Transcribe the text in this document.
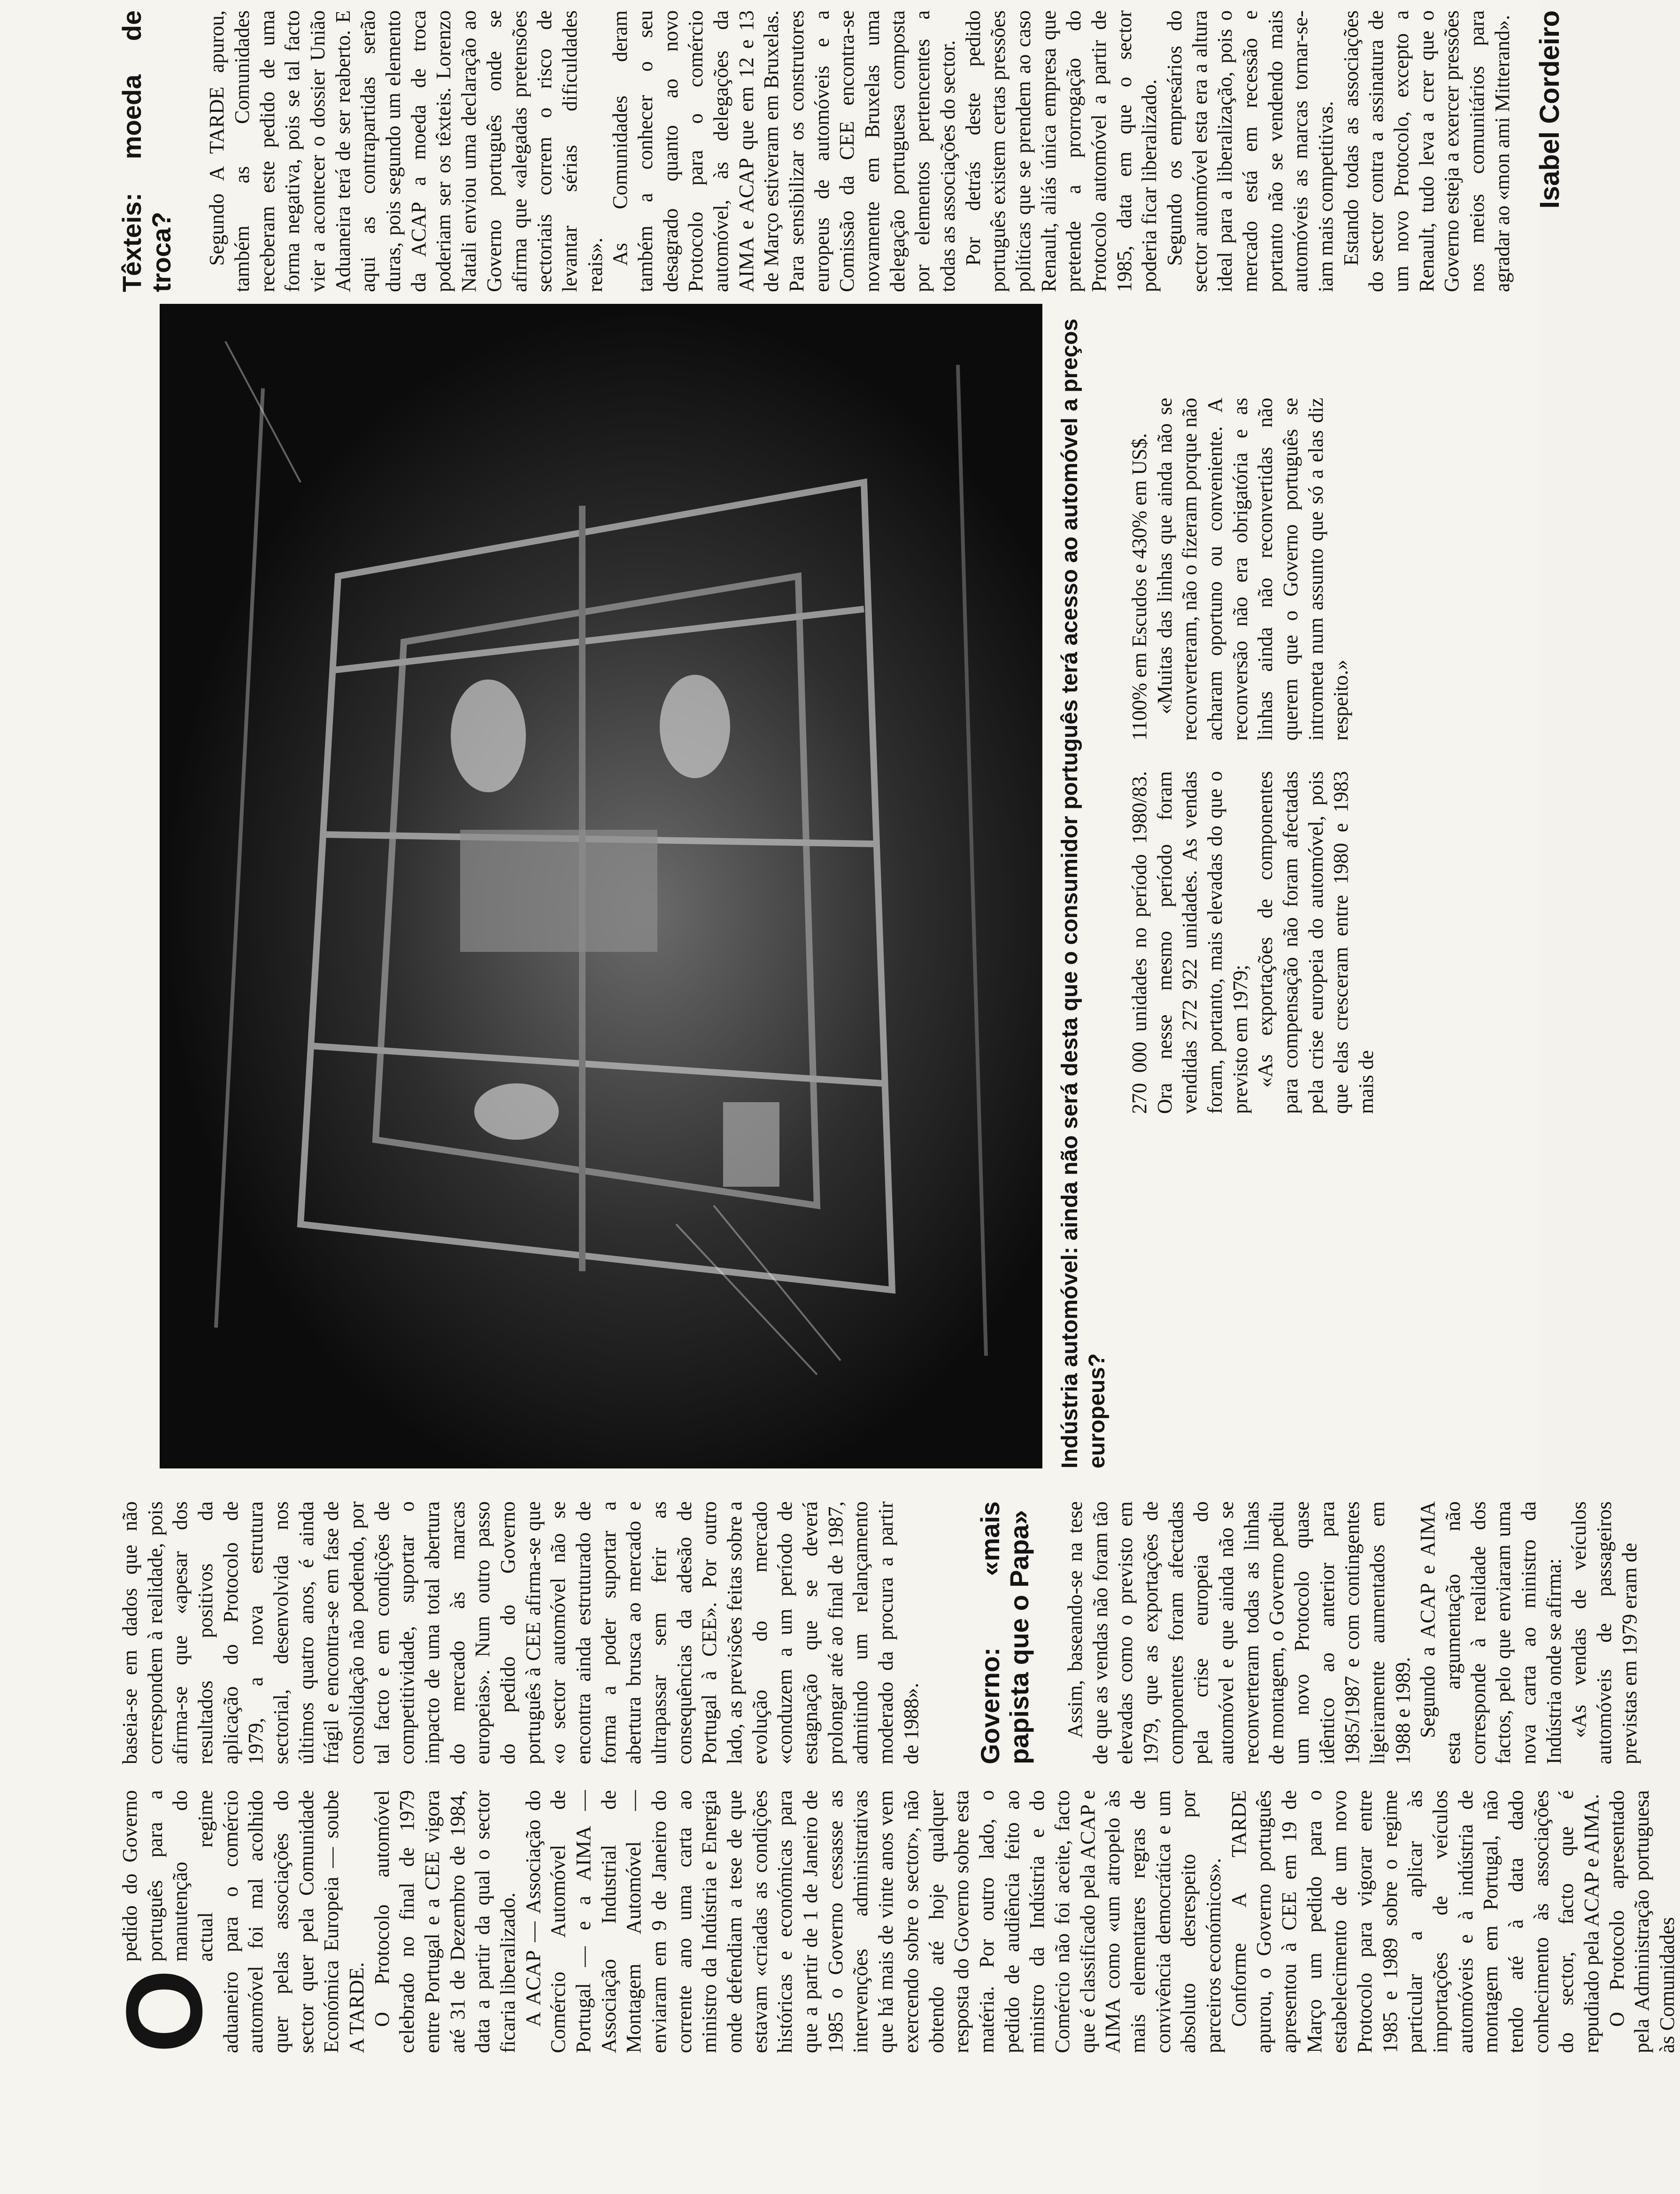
O

pedido do Governo português para a manutenção do actual regime aduaneiro para o comércio automóvel foi mal acolhido quer pelas associações do sector quer pela Comunidade Económica Europeia — soube A TARDE. O Protocolo automóvel celebrado no final de 1979 entre Portugal e a CEE vigora até 31 de Dezembro de 1984, data a partir da qual o sector ficaria liberalizado. A ACAP — Associação do Comércio Automóvel de Portugal — e a AIMA — Associação Industrial de Montagem Automóvel — enviaram em 9 de Janeiro do corrente ano uma carta ao ministro da Indústria e Energia onde defendiam a tese de que estavam «criadas as condições históricas e económicas para que a partir de 1 de Janeiro de 1985 o Governo cessasse as intervenções administrativas que há mais de vinte anos vem exercendo sobre o sector», não obtendo até hoje qualquer resposta do Governo sobre esta matéria. Por outro lado, o pedido de audiência feito ao ministro da Indústria e do Comércio não foi aceite, facto que é classificado pela ACAP e AIMA como «um atropelo às mais elementares regras de convivência democrática e um absoluto desrespeito por parceiros económicos». Conforme A TARDE apurou, o Governo português apresentou à CEE em 19 de Março um pedido para o estabelecimento de um novo Protocolo para vigorar entre 1985 e 1989 sobre o regime particular a aplicar às importações de veículos automóveis e à indústria de montagem em Portugal, não tendo até à data dado conhecimento às associações do sector, facto que é repudiado pela ACAP e AIMA. O Protocolo apresentado pela Administração portuguesa às Comunidades

baseia-se em dados que não correspondem à realidade, pois afirma-se que «apesar dos resultados positivos da aplicação do Protocolo de 1979, a nova estrutura sectorial, desenvolvida nos últimos quatro anos, é ainda frágil e encontra-se em fase de consolidação não podendo, por tal facto e em condições de competitividade, suportar o impacto de uma total abertura do mercado às marcas europeias». Num outro passo do pedido do Governo português à CEE afirma-se que «o sector automóvel não se encontra ainda estruturado de forma a poder suportar a abertura brusca ao mercado e ultrapassar sem ferir as consequências da adesão de Portugal à CEE». Por outro lado, as previsões feitas sobre a evolução do mercado «conduzem a um período de estagnação que se deverá prolongar até ao final de 1987, admitindo um relançamento moderado da procura a partir de 1988». Governo: «mais papista que o Papa» Assim, baseando-se na tese de que as vendas não foram tão elevadas como o previsto em 1979, que as exportações de componentes foram afectadas pela crise europeia do automóvel e que ainda não se reconverteram todas as linhas de montagem, o Governo pediu um novo Protocolo quase idêntico ao anterior para 1985/1987 e com contingentes ligeiramente aumentados em 1988 e 1989. Segundo a ACAP e AIMA esta argumentação não corresponde à realidade dos factos, pelo que enviaram uma nova carta ao ministro da Indústria onde se afirma: «As vendas de veículos automóveis de passageiros previstas em 1979 eram de

Indústria automóvel: ainda não será desta que o consumidor português terá acesso ao automóvel a preços europeus?

270 000 unidades no período 1980/83. Ora nesse mesmo período foram vendidas 272 922 unidades. As vendas foram, portanto, mais elevadas do que o previsto em 1979; «As exportações de componentes para compensação não foram afectadas pela crise europeia do automóvel, pois que elas cresceram entre 1980 e 1983 mais de

1100% em Escudos e 430% em US$. «Muitas das linhas que ainda não se reconverteram, não o fizeram porque não acharam oportuno ou conveniente. A reconversão não era obrigatória e as linhas ainda não reconvertidas não querem que o Governo português se intrometa num assunto que só a elas diz respeito.»

Têxteis: moeda de troca? Segundo A TARDE apurou, também as Comunidades receberam este pedido de uma forma negativa, pois se tal facto vier a acontecer o dossier União Aduaneira terá de ser reaberto. E aqui as contrapartidas serão duras, pois segundo um elemento da ACAP a moeda de troca poderiam ser os têxteis. Lorenzo Natali enviou uma declaração ao Governo português onde se afirma que «alegadas pretensões sectoriais correm o risco de levantar sérias dificuldades reais». As Comunidades deram também a conhecer o seu desagrado quanto ao novo Protocolo para o comércio automóvel, às delegações da AIMA e ACAP que em 12 e 13 de Março estiveram em Bruxelas. Para sensibilizar os construtores europeus de automóveis e a Comissão da CEE encontra-se novamente em Bruxelas uma delegação portuguesa composta por elementos pertencentes a todas as associações do sector. Por detrás deste pedido português existem certas pressões políticas que se prendem ao caso Renault, aliás única empresa que pretende a prorrogação do Protocolo automóvel a partir de 1985, data em que o sector poderia ficar liberalizado. Segundo os empresários do sector automóvel esta era a altura ideal para a liberalização, pois o mercado está em recessão e portanto não se vendendo mais automóveis as marcas tornar-se-iam mais competitivas. Estando todas as associações do sector contra a assinatura de um novo Protocolo, excepto a Renault, tudo leva a crer que o Governo esteja a exercer pressões nos meios comunitários para agradar ao «mon ami Mitterand». Isabel Cordeiro
